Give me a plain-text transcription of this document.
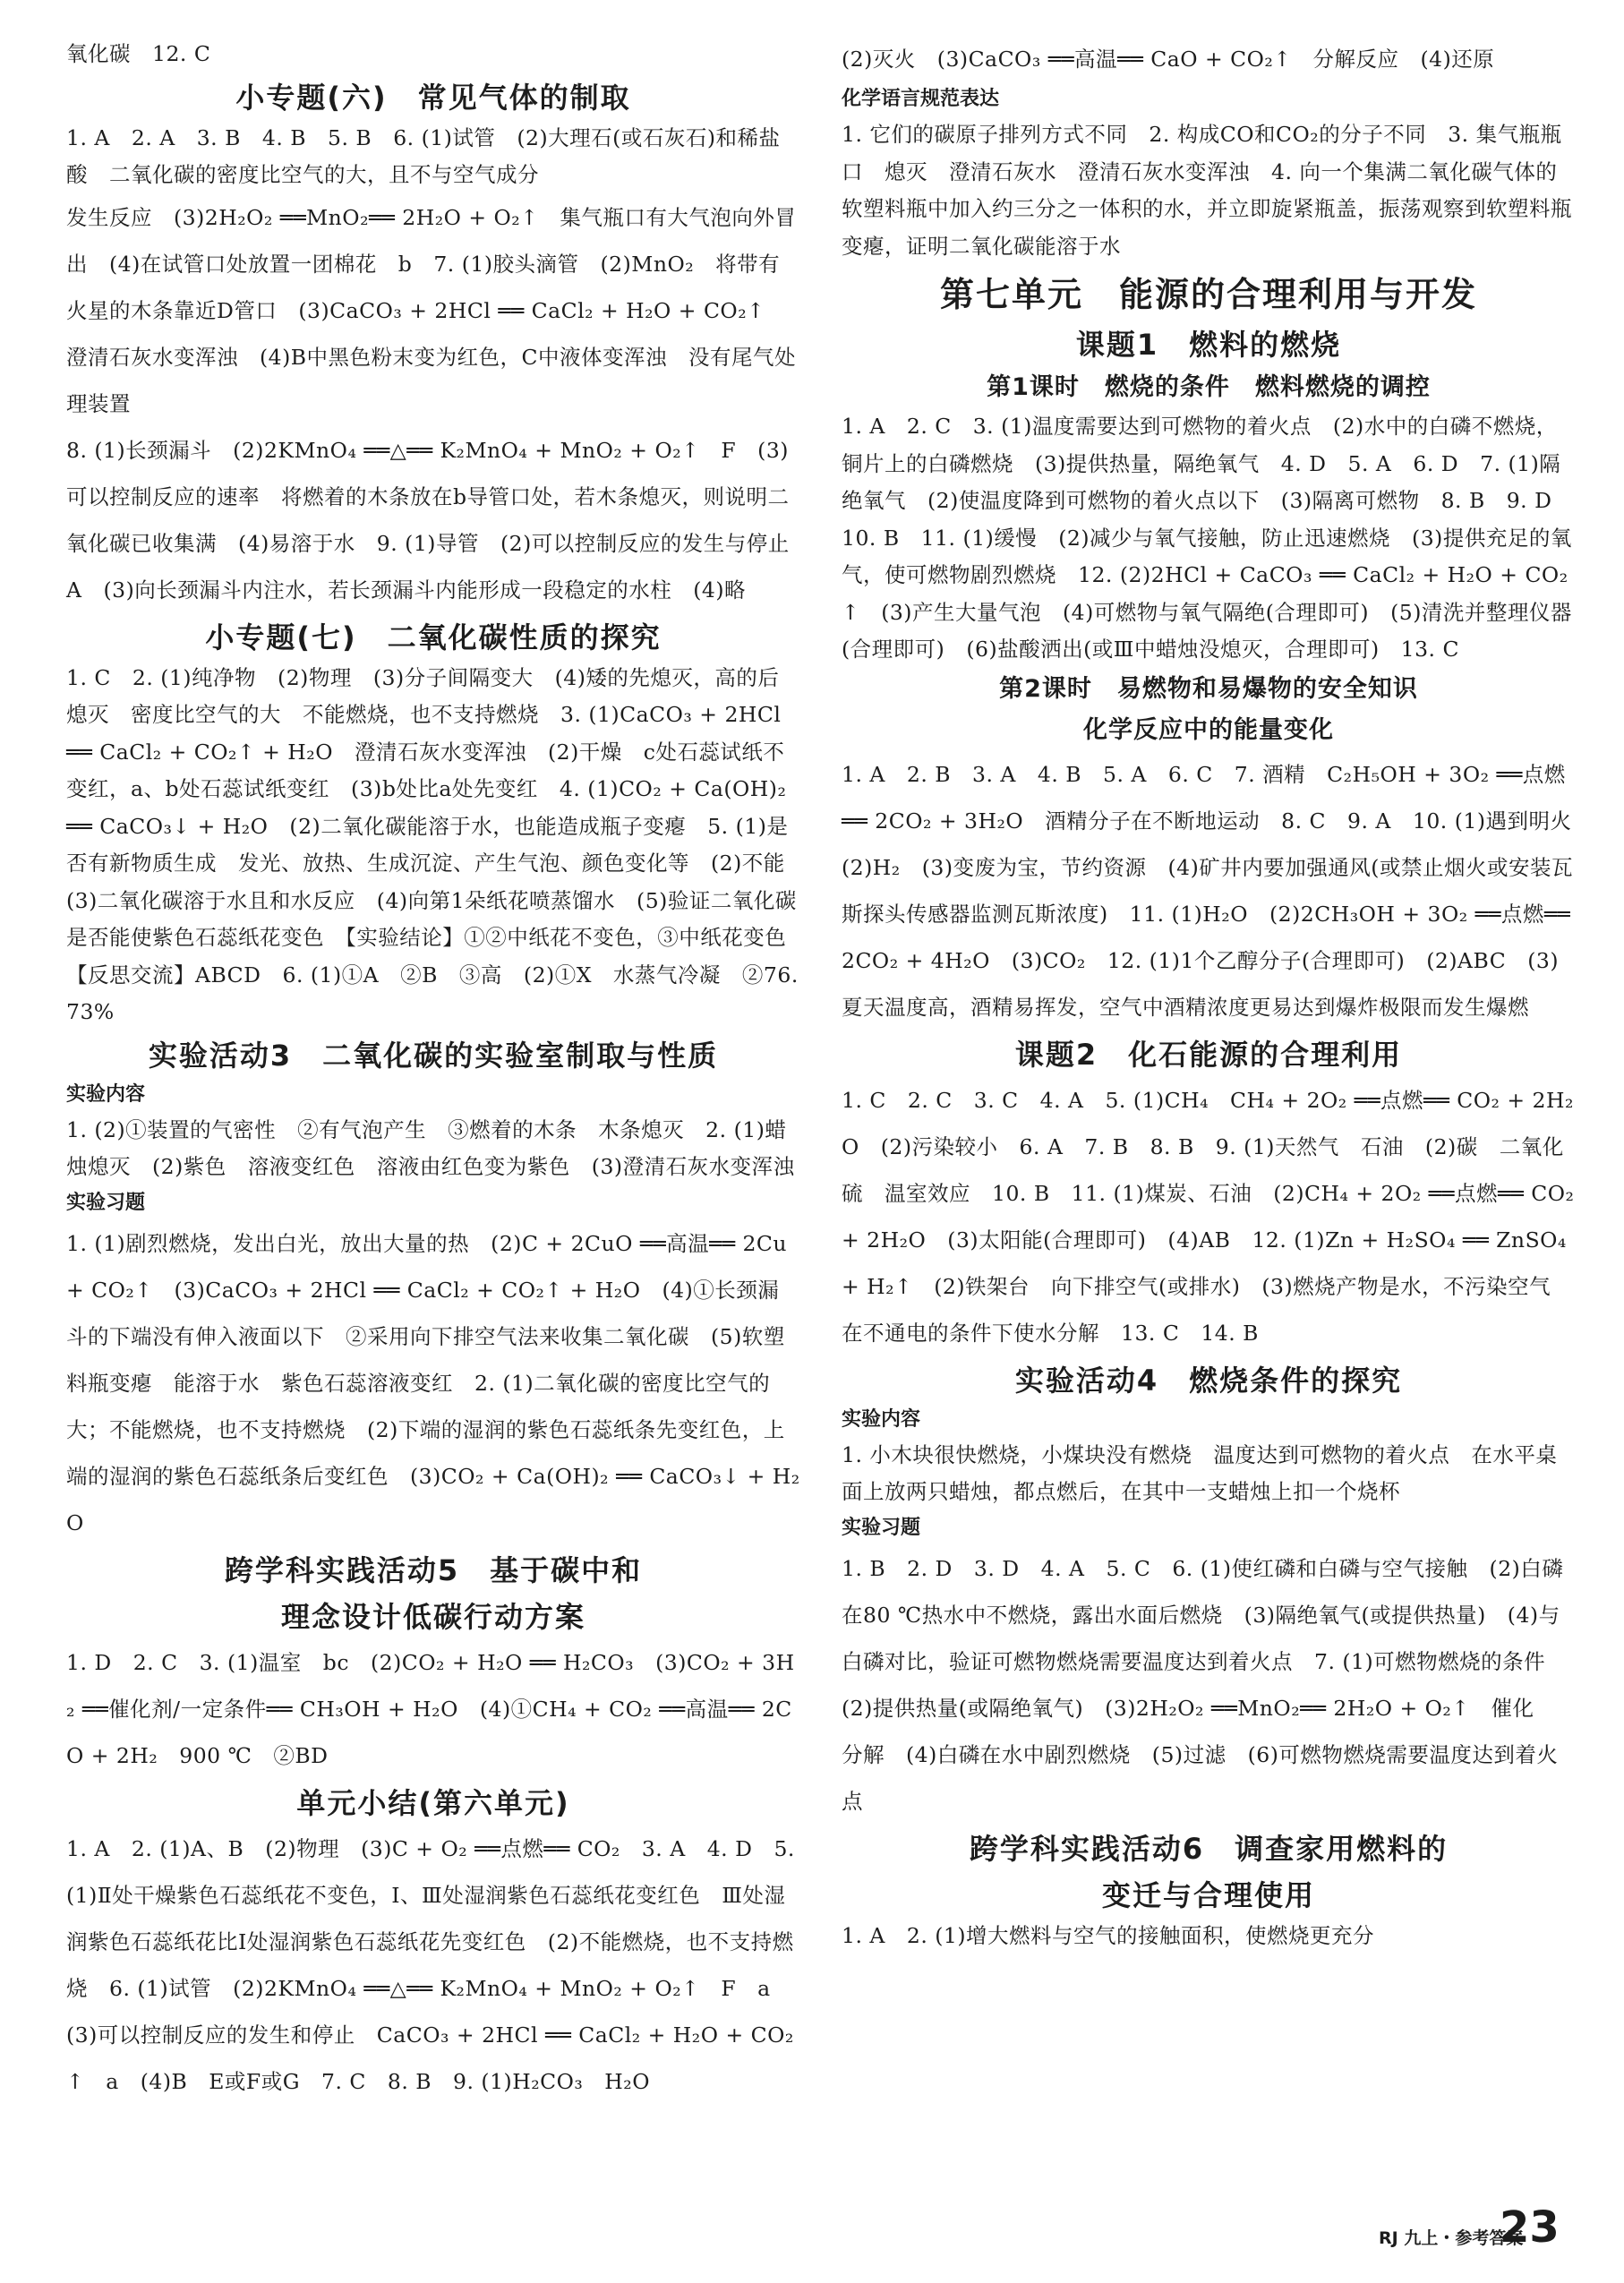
氧化碳　12. C

小专题(六)　常见气体的制取

1. A　2. A　3. B　4. B　5. B　6. (1)试管　(2)大理石(或石灰石)和稀盐酸　二氧化碳的密度比空气的大，且不与空气成分

发生反应　(3)2H₂O₂ ══MnO₂══ 2H₂O + O₂↑　集气瓶口有大气泡向外冒出　(4)在试管口处放置一团棉花　b　7. (1)胶头滴管　(2)MnO₂　将带有火星的木条靠近D管口　(3)CaCO₃ + 2HCl ══ CaCl₂ + H₂O + CO₂↑　澄清石灰水变浑浊　(4)B中黑色粉末变为红色，C中液体变浑浊　没有尾气处理装置

8. (1)长颈漏斗　(2)2KMnO₄ ══△══ K₂MnO₄ + MnO₂ + O₂↑　F　(3)可以控制反应的速率　将燃着的木条放在b导管口处，若木条熄灭，则说明二氧化碳已收集满　(4)易溶于水　9. (1)导管　(2)可以控制反应的发生与停止　A　(3)向长颈漏斗内注水，若长颈漏斗内能形成一段稳定的水柱　(4)略

小专题(七)　二氧化碳性质的探究

1. C　2. (1)纯净物　(2)物理　(3)分子间隔变大　(4)矮的先熄灭，高的后熄灭　密度比空气的大　不能燃烧，也不支持燃烧　3. (1)CaCO₃ + 2HCl ══ CaCl₂ + CO₂↑ + H₂O　澄清石灰水变浑浊　(2)干燥　c处石蕊试纸不变红，a、b处石蕊试纸变红　(3)b处比a处先变红　4. (1)CO₂ + Ca(OH)₂ ══ CaCO₃↓ + H₂O　(2)二氧化碳能溶于水，也能造成瓶子变瘪　5. (1)是否有新物质生成　发光、放热、生成沉淀、产生气泡、颜色变化等　(2)不能　(3)二氧化碳溶于水且和水反应　(4)向第1朵纸花喷蒸馏水　(5)验证二氧化碳是否能使紫色石蕊纸花变色　【实验结论】①②中纸花不变色，③中纸花变色　【反思交流】ABCD　6. (1)①A　②B　③高　(2)①X　水蒸气冷凝　②76.73%

实验活动3　二氧化碳的实验室制取与性质
实验内容

1. (2)①装置的气密性　②有气泡产生　③燃着的木条　木条熄灭　2. (1)蜡烛熄灭　(2)紫色　溶液变红色　溶液由红色变为紫色　(3)澄清石灰水变浑浊

实验习题

1. (1)剧烈燃烧，发出白光，放出大量的热　(2)C + 2CuO ══高温══ 2Cu + CO₂↑　(3)CaCO₃ + 2HCl ══ CaCl₂ + CO₂↑ + H₂O　(4)①长颈漏斗的下端没有伸入液面以下　②采用向下排空气法来收集二氧化碳　(5)软塑料瓶变瘪　能溶于水　紫色石蕊溶液变红　2. (1)二氧化碳的密度比空气的大；不能燃烧，也不支持燃烧　(2)下端的湿润的紫色石蕊纸条先变红色，上端的湿润的紫色石蕊纸条后变红色　(3)CO₂ + Ca(OH)₂ ══ CaCO₃↓ + H₂O

跨学科实践活动5　基于碳中和
理念设计低碳行动方案

1. D　2. C　3. (1)温室　bc　(2)CO₂ + H₂O ══ H₂CO₃　(3)CO₂ + 3H₂ ══催化剂/一定条件══ CH₃OH + H₂O　(4)①CH₄ + CO₂ ══高温══ 2CO + 2H₂　900 ℃　②BD

单元小结(第六单元)

1. A　2. (1)A、B　(2)物理　(3)C + O₂ ══点燃══ CO₂　3. A　4. D　5. (1)Ⅱ处干燥紫色石蕊纸花不变色，Ⅰ、Ⅲ处湿润紫色石蕊纸花变红色　Ⅲ处湿润紫色石蕊纸花比Ⅰ处湿润紫色石蕊纸花先变红色　(2)不能燃烧，也不支持燃烧　6. (1)试管　(2)2KMnO₄ ══△══ K₂MnO₄ + MnO₂ + O₂↑　F　a　(3)可以控制反应的发生和停止　CaCO₃ + 2HCl ══ CaCl₂ + H₂O + CO₂↑　a　(4)B　E或F或G　7. C　8. B　9. (1)H₂CO₃　H₂O

(2)灭火　(3)CaCO₃ ══高温══ CaO + CO₂↑　分解反应　(4)还原

化学语言规范表达

1. 它们的碳原子排列方式不同　2. 构成CO和CO₂的分子不同　3. 集气瓶瓶口　熄灭　澄清石灰水　澄清石灰水变浑浊　4. 向一个集满二氧化碳气体的软塑料瓶中加入约三分之一体积的水，并立即旋紧瓶盖，振荡观察到软塑料瓶变瘪，证明二氧化碳能溶于水

第七单元　能源的合理利用与开发
课题1　燃料的燃烧
第1课时　燃烧的条件　燃料燃烧的调控

1. A　2. C　3. (1)温度需要达到可燃物的着火点　(2)水中的白磷不燃烧，铜片上的白磷燃烧　(3)提供热量，隔绝氧气　4. D　5. A　6. D　7. (1)隔绝氧气　(2)使温度降到可燃物的着火点以下　(3)隔离可燃物　8. B　9. D　10. B　11. (1)缓慢　(2)减少与氧气接触，防止迅速燃烧　(3)提供充足的氧气，使可燃物剧烈燃烧　12. (2)2HCl + CaCO₃ ══ CaCl₂ + H₂O + CO₂↑　(3)产生大量气泡　(4)可燃物与氧气隔绝(合理即可)　(5)清洗并整理仪器(合理即可)　(6)盐酸洒出(或Ⅲ中蜡烛没熄灭，合理即可)　13. C

第2课时　易燃物和易爆物的安全知识
化学反应中的能量变化

1. A　2. B　3. A　4. B　5. A　6. C　7. 酒精　C₂H₅OH + 3O₂ ══点燃══ 2CO₂ + 3H₂O　酒精分子在不断地运动　8. C　9. A　10. (1)遇到明火　(2)H₂　(3)变废为宝，节约资源　(4)矿井内要加强通风(或禁止烟火或安装瓦斯探头传感器监测瓦斯浓度)　11. (1)H₂O　(2)2CH₃OH + 3O₂ ══点燃══ 2CO₂ + 4H₂O　(3)CO₂　12. (1)1个乙醇分子(合理即可)　(2)ABC　(3)夏天温度高，酒精易挥发，空气中酒精浓度更易达到爆炸极限而发生爆燃

课题2　化石能源的合理利用

1. C　2. C　3. C　4. A　5. (1)CH₄　CH₄ + 2O₂ ══点燃══ CO₂ + 2H₂O　(2)污染较小　6. A　7. B　8. B　9. (1)天然气　石油　(2)碳　二氧化硫　温室效应　10. B　11. (1)煤炭、石油　(2)CH₄ + 2O₂ ══点燃══ CO₂ + 2H₂O　(3)太阳能(合理即可)　(4)AB　12. (1)Zn + H₂SO₄ ══ ZnSO₄ + H₂↑　(2)铁架台　向下排空气(或排水)　(3)燃烧产物是水，不污染空气　在不通电的条件下使水分解　13. C　14. B

实验活动4　燃烧条件的探究
实验内容

1. 小木块很快燃烧，小煤块没有燃烧　温度达到可燃物的着火点　在水平桌面上放两只蜡烛，都点燃后，在其中一支蜡烛上扣一个烧杯

实验习题

1. B　2. D　3. D　4. A　5. C　6. (1)使红磷和白磷与空气接触　(2)白磷在80 ℃热水中不燃烧，露出水面后燃烧　(3)隔绝氧气(或提供热量)　(4)与白磷对比，验证可燃物燃烧需要温度达到着火点　7. (1)可燃物燃烧的条件　(2)提供热量(或隔绝氧气)　(3)2H₂O₂ ══MnO₂══ 2H₂O + O₂↑　催化　分解　(4)白磷在水中剧烈燃烧　(5)过滤　(6)可燃物燃烧需要温度达到着火点

跨学科实践活动6　调查家用燃料的
变迁与合理使用

1. A　2. (1)增大燃料与空气的接触面积，使燃烧更充分

RJ 九上・参考答案
23
